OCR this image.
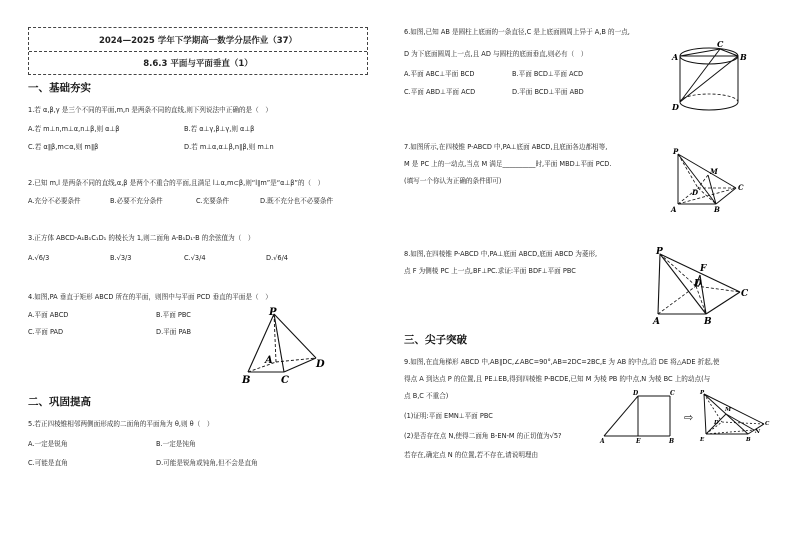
2024—2025 学年下学期高一数学分层作业（37）
8.6.3 平面与平面垂直（1）
一、基础夯实
1.若 α,β,γ 是三个不同的平面,m,n 是两条不同的直线,则下列说法中正确的是（　）
A.若 m⊥n,m⊥α,n⊥β,则 α⊥β	B.若 α⊥γ,β⊥γ,则 α⊥β
C.若 α∥β,m⊂α,则 m∥β	D.若 m⊥α,α⊥β,n∥β,则 m⊥n
2.已知 m,l 是两条不同的直线,α,β 是两个不重合的平面,且满足 l⊥α,m⊂β,则“l∥m”是“α⊥β”的（　）
A.充分不必要条件	B.必要不充分条件	C.充要条件	D.既不充分也不必要条件
3.正方体 ABCD-A₁B₁C₁D₁ 的棱长为 1,则二面角 A-B₁D₁-B 的余弦值为（　）
A.√6/3	B.√3/3	C.√3/4	D.√6/4
4.如图,PA 垂直于矩形 ABCD 所在的平面，则图中与平面 PCD 垂直的平面是（　）
A.平面 ABCD	B.平面 PBC
C.平面 PAD	D.平面 PAB
P
A
B	C
D
二、巩固提高
5.若正四棱锥相邻两侧面形成的二面角的平面角为 θ,则 θ（　）
A.一定是锐角	B.一定是钝角
C.可能是直角	D.可能是锐角或钝角,但不会是直角
6.如图,已知 AB 是圆柱上底面的一条直径,C 是上底面圆周上异于 A,B 的一点,
D 为下底面圆周上一点,且 AD 与圆柱的底面垂直,则必有（　）
A.平面 ABC⊥平面 BCD	B.平面 BCD⊥平面 ACD
C.平面 ABD⊥平面 ACD	D.平面 BCD⊥平面 ABD
A	B
C
D
7.如图所示,在四棱锥 P-ABCD 中,PA⊥底面 ABCD,且底面各边都相等,
M 是 PC 上的一动点,当点 M 满足__________时,平面 MBD⊥平面 PCD.
(填写一个你认为正确的条件即可)
P
M
A	B
C
D
8.如图,在四棱锥 P-ABCD 中,PA⊥底面 ABCD,底面 ABCD 为菱形,
点 F 为侧棱 PC 上一点,BF⊥PC.求证:平面 BDF⊥平面 PBC
P
F
D
C
A	B
三、尖子突破
9.如图,在直角梯形 ABCD 中,AB∥DC,∠ABC=90°,AB=2DC=2BC,E 为 AB 的中点,沿 DE 将△ADE 折起,使
得点 A 到达点 P 的位置,且 PE⊥EB,得到四棱锥 P-BCDE,已知 M 为棱 PB 的中点,N 为棱 BC 上的动点(与
点 B,C 不重合)
(1)证明:平面 EMN⊥平面 PBC
(2)是否存在点 N,使得二面角 B-EN-M 的正切值为√5?
若存在,确定点 N 的位置,若不存在,请说明理由
D	C
A	E	B
⇨
P
M
D	C
N
E	B
